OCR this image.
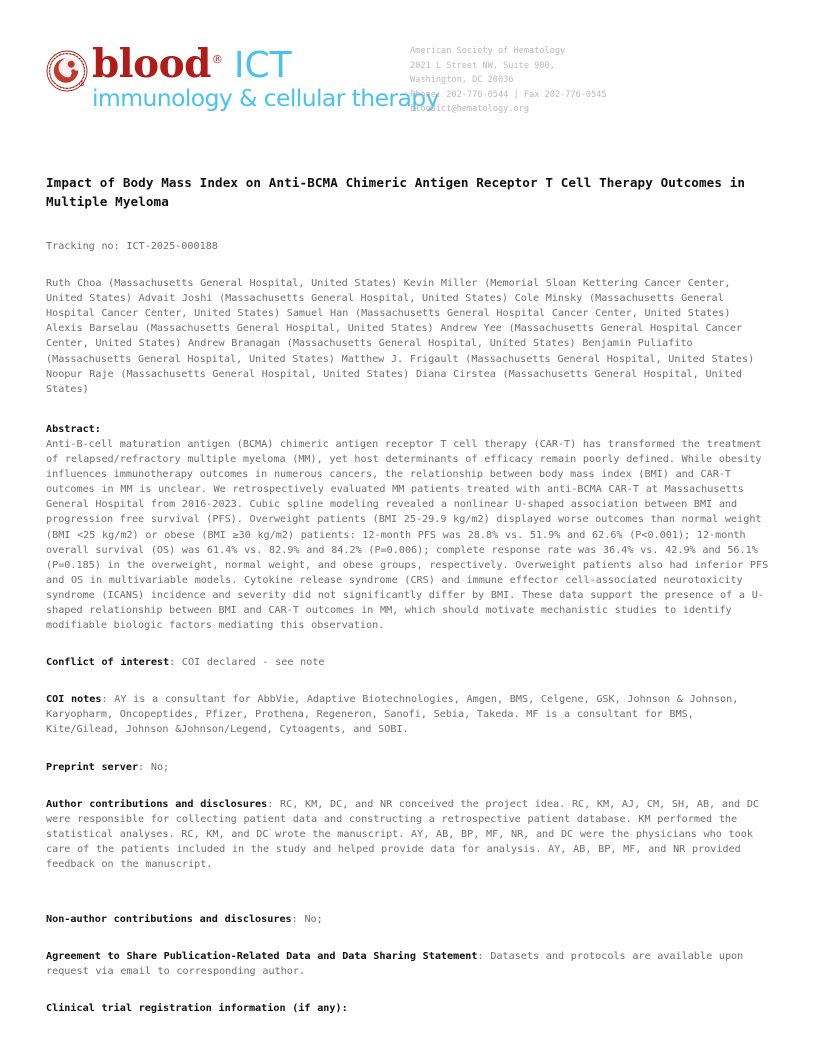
R blood ® ICT
immunology & cellular therapy
American Society of Hematology
2021 L Street NW, Suite 900,
Washington, DC 20036
Phone: 202-776-0544 | Fax 202-776-0545
bloodict@hematology.org
Impact of Body Mass Index on Anti-BCMA Chimeric Antigen Receptor T Cell Therapy Outcomes in Multiple Myeloma
Tracking no: ICT-2025-000188
Ruth Choa (Massachusetts General Hospital, United States) Kevin Miller (Memorial Sloan Kettering Cancer Center, United States) Advait Joshi (Massachusetts General Hospital, United States) Cole Minsky (Massachusetts General Hospital Cancer Center, United States) Samuel Han (Massachusetts General Hospital Cancer Center, United States) Alexis Barselau (Massachusetts General Hospital, United States) Andrew Yee (Massachusetts General Hospital Cancer Center, United States) Andrew Branagan (Massachusetts General Hospital, United States) Benjamin Puliafito (Massachusetts General Hospital, United States) Matthew J. Frigault (Massachusetts General Hospital, United States) Noopur Raje (Massachusetts General Hospital, United States) Diana Cirstea (Massachusetts General Hospital, United States)
Abstract:
Anti-B-cell maturation antigen (BCMA) chimeric antigen receptor T cell therapy (CAR-T) has transformed the treatment of relapsed/refractory multiple myeloma (MM), yet host determinants of efficacy remain poorly defined. While obesity influences immunotherapy outcomes in numerous cancers, the relationship between body mass index (BMI) and CAR-T outcomes in MM is unclear. We retrospectively evaluated MM patients treated with anti-BCMA CAR-T at Massachusetts General Hospital from 2016-2023. Cubic spline modeling revealed a nonlinear U-shaped association between BMI and progression free survival (PFS). Overweight patients (BMI 25-29.9 kg/m2) displayed worse outcomes than normal weight (BMI <25 kg/m2) or obese (BMI ≥30 kg/m2) patients: 12-month PFS was 28.8% vs. 51.9% and 62.6% (P<0.001); 12-month overall survival (OS) was 61.4% vs. 82.9% and 84.2% (P=0.006); complete response rate was 36.4% vs. 42.9% and 56.1% (P=0.185) in the overweight, normal weight, and obese groups, respectively. Overweight patients also had inferior PFS and OS in multivariable models. Cytokine release syndrome (CRS) and immune effector cell-associated neurotoxicity syndrome (ICANS) incidence and severity did not significantly differ by BMI. These data support the presence of a U-shaped relationship between BMI and CAR-T outcomes in MM, which should motivate mechanistic studies to identify modifiable biologic factors mediating this observation.
Conflict of interest: COI declared - see note
COI notes: AY is a consultant for AbbVie, Adaptive Biotechnologies, Amgen, BMS, Celgene, GSK, Johnson & Johnson, Karyopharm, Oncopeptides, Pfizer, Prothena, Regeneron, Sanofi, Sebia, Takeda. MF is a consultant for BMS, Kite/Gilead, Johnson &Johnson/Legend, Cytoagents, and SOBI.
Preprint server: No;
Author contributions and disclosures: RC, KM, DC, and NR conceived the project idea. RC, KM, AJ, CM, SH, AB, and DC were responsible for collecting patient data and constructing a retrospective patient database. KM performed the statistical analyses. RC, KM, and DC wrote the manuscript. AY, AB, BP, MF, NR, and DC were the physicians who took care of the patients included in the study and helped provide data for analysis. AY, AB, BP, MF, and NR provided feedback on the manuscript.
Non-author contributions and disclosures: No;
Agreement to Share Publication-Related Data and Data Sharing Statement: Datasets and protocols are available upon request via email to corresponding author.
Clinical trial registration information (if any):
